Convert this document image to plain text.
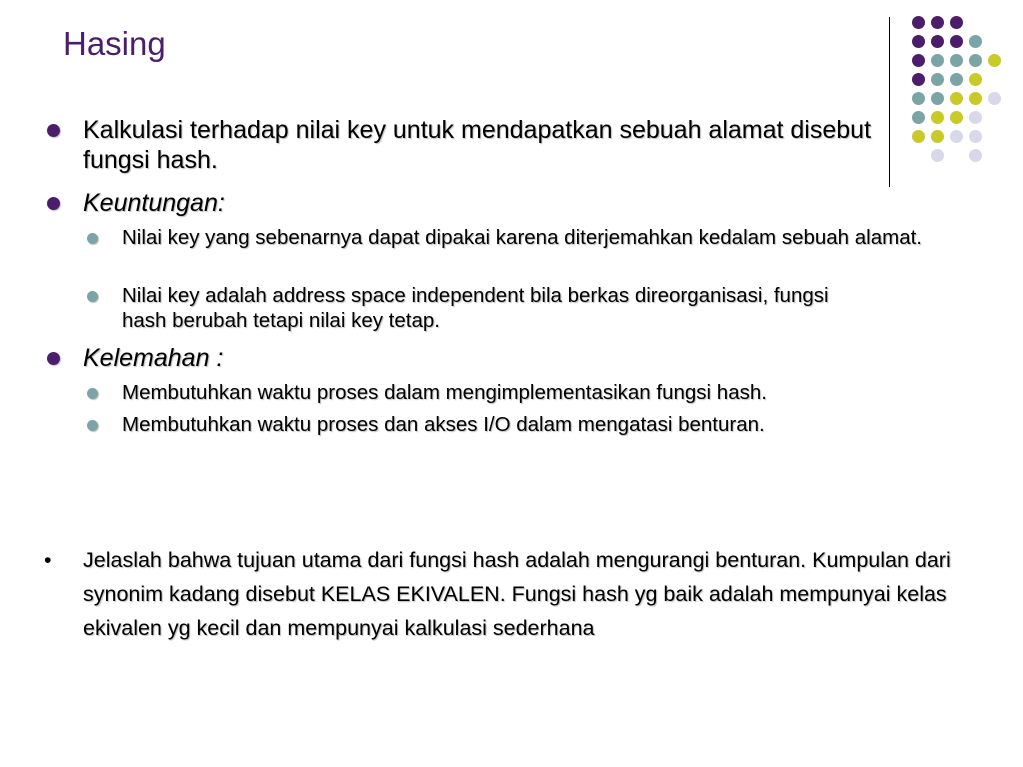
Hasing

Kalkulasi terhadap nilai key untuk mendapatkan sebuah alamat disebut fungsi hash.

Keuntungan:

Nilai key yang sebenarnya dapat dipakai karena diterjemahkan kedalam sebuah alamat.

Nilai key adalah address space independent bila berkas direorganisasi, fungsi hash berubah tetapi nilai key tetap.

Kelemahan :

Membutuhkan waktu proses dalam mengimplementasikan fungsi hash.

Membutuhkan waktu proses dan akses I/O dalam mengatasi benturan.

• Jelaslah bahwa tujuan utama dari fungsi hash adalah mengurangi benturan. Kumpulan dari synonim kadang disebut KELAS EKIVALEN. Fungsi hash yg baik adalah mempunyai kelas ekivalen yg kecil dan mempunyai kalkulasi sederhana
